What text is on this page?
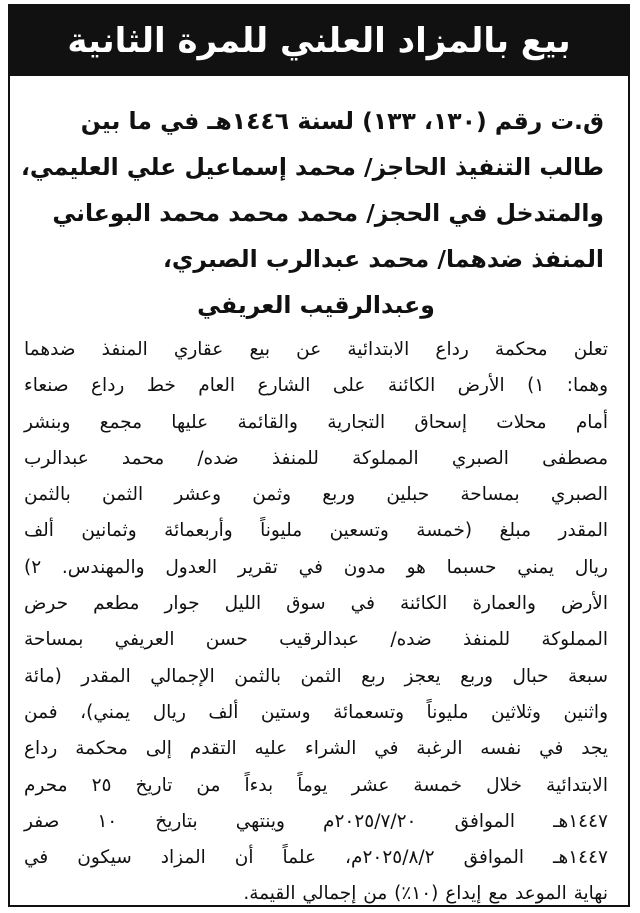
بيع بالمزاد العلني للمرة الثانية
ق.ت رقم (١٣٠، ١٣٣) لسنة ١٤٤٦هـ في ما بين
طالب التنفيذ الحاجز/ محمد إسماعيل علي العليمي،
والمتدخل في الحجز/ محمد محمد محمد البوعاني
المنفذ ضدهما/ محمد عبدالرب الصبري،
وعبدالرقيب العريفي
تعلن محكمة رداع الابتدائية عن بيع عقاري المنفذ ضدهما
وهما: ١) الأرض الكائنة على الشارع العام خط رداع صنعاء
أمام محلات إسحاق التجارية والقائمة عليها مجمع وبنشر
مصطفى الصبري المملوكة للمنفذ ضده/ محمد عبدالرب
الصبري بمساحة حبلين وربع وثمن وعشر الثمن بالثمن
المقدر مبلغ (خمسة وتسعين مليوناً وأربعمائة وثمانين ألف
ريال يمني حسبما هو مدون في تقرير العدول والمهندس. ٢)
الأرض والعمارة الكائنة في سوق الليل جوار مطعم حرض
المملوكة للمنفذ ضده/ عبدالرقيب حسن العريفي بمساحة
سبعة حبال وربع يعجز ربع الثمن بالثمن الإجمالي المقدر (مائة
واثنين وثلاثين مليوناً وتسعمائة وستين ألف ريال يمني)، فمن
يجد في نفسه الرغبة في الشراء عليه التقدم إلى محكمة رداع
الابتدائية خلال خمسة عشر يوماً بدءاً من تاريخ ٢٥ محرم
١٤٤٧هـ الموافق ٢٠٢٥/٧/٢٠م وينتهي بتاريخ ١٠ صفر
١٤٤٧هـ الموافق ٢٠٢٥/٨/٢م، علماً أن المزاد سيكون في
نهاية الموعد مع إيداع (١٠٪) من إجمالي القيمة.
